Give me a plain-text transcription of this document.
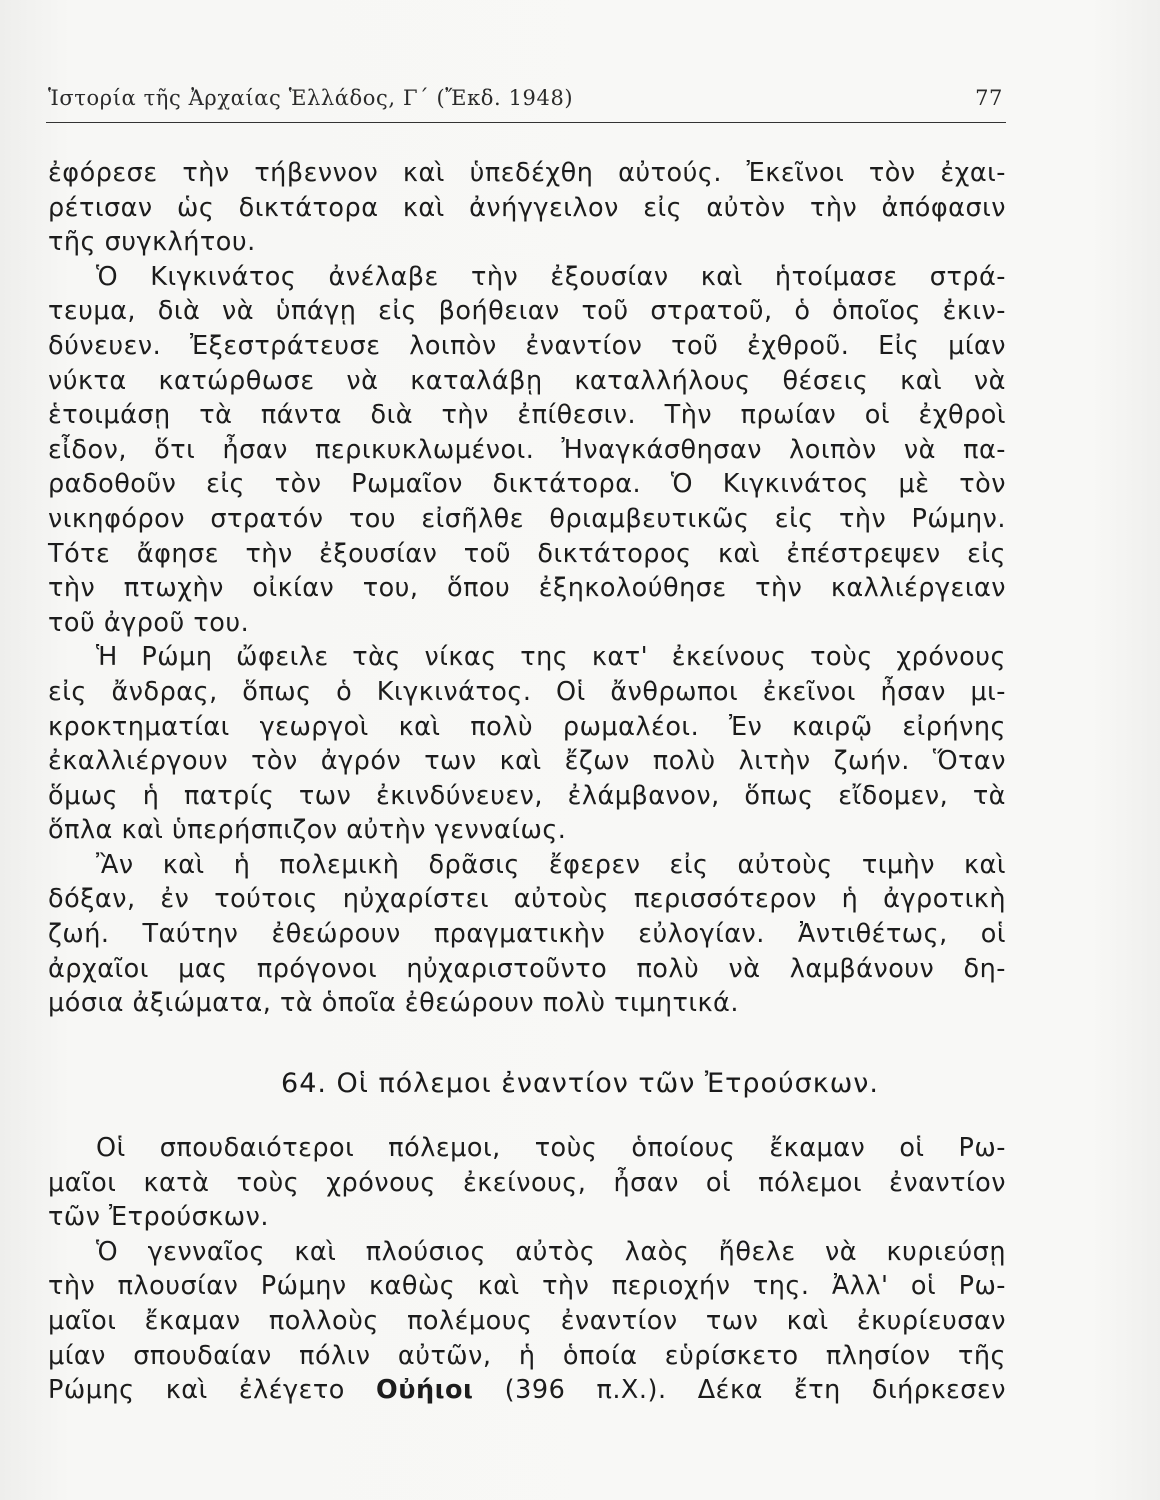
Ἱστορία τῆς Ἀρχαίας Ἑλλάδος, Γ΄ (Ἔκδ. 1948)	77
ἐφόρεσε τὴν τήβεννον καὶ ὑπεδέχθη αὐτούς. Ἐκεῖνοι τὸν ἐχαι-
ρέτισαν ὡς δικτάτορα καὶ ἀνήγγειλον εἰς αὐτὸν τὴν ἀπόφασιν
τῆς συγκλήτου.
Ὁ Κιγκινάτος ἀνέλαβε τὴν ἐξουσίαν καὶ ἡτοίμασε στρά-
τευμα, διὰ νὰ ὑπάγῃ εἰς βοήθειαν τοῦ στρατοῦ, ὁ ὁποῖος ἐκιν-
δύνευεν. Ἐξεστράτευσε λοιπὸν ἐναντίον τοῦ ἐχθροῦ. Εἰς μίαν
νύκτα κατώρθωσε νὰ καταλάβῃ καταλλήλους θέσεις καὶ νὰ
ἑτοιμάσῃ τὰ πάντα διὰ τὴν ἐπίθεσιν. Τὴν πρωίαν οἱ ἐχθροὶ
εἶδον, ὅτι ἦσαν περικυκλωμένοι. Ἠναγκάσθησαν λοιπὸν νὰ πα-
ραδοθοῦν εἰς τὸν Ρωμαῖον δικτάτορα. Ὁ Κιγκινάτος μὲ τὸν
νικηφόρον στρατόν του εἰσῆλθε θριαμβευτικῶς εἰς τὴν Ρώμην.
Τότε ἄφησε τὴν ἐξουσίαν τοῦ δικτάτορος καὶ ἐπέστρεψεν εἰς
τὴν πτωχὴν οἰκίαν του, ὅπου ἐξηκολούθησε τὴν καλλιέργειαν
τοῦ ἀγροῦ του.
Ἡ Ρώμη ὤφειλε τὰς νίκας της κατ' ἐκείνους τοὺς χρόνους
εἰς ἄνδρας, ὅπως ὁ Κιγκινάτος. Οἱ ἄνθρωποι ἐκεῖνοι ἦσαν μι-
κροκτηματίαι γεωργοὶ καὶ πολὺ ρωμαλέοι. Ἐν καιρῷ εἰρήνης
ἐκαλλιέργουν τὸν ἀγρόν των καὶ ἔζων πολὺ λιτὴν ζωήν. Ὅταν
ὅμως ἡ πατρίς των ἐκινδύνευεν, ἐλάμβανον, ὅπως εἴδομεν, τὰ
ὅπλα καὶ ὑπερήσπιζον αὐτὴν γενναίως.
Ἂν καὶ ἡ πολεμικὴ δρᾶσις ἔφερεν εἰς αὐτοὺς τιμὴν καὶ
δόξαν, ἐν τούτοις ηὐχαρίστει αὐτοὺς περισσότερον ἡ ἀγροτικὴ
ζωή. Ταύτην ἐθεώρουν πραγματικὴν εὐλογίαν. Ἀντιθέτως, οἱ
ἀρχαῖοι μας πρόγονοι ηὐχαριστοῦντο πολὺ νὰ λαμβάνουν δη-
μόσια ἀξιώματα, τὰ ὁποῖα ἐθεώρουν πολὺ τιμητικά.
64. Οἱ πόλεμοι ἐναντίον τῶν Ἐτρούσκων.
Οἱ σπουδαιότεροι πόλεμοι, τοὺς ὁποίους ἔκαμαν οἱ Ρω-
μαῖοι κατὰ τοὺς χρόνους ἐκείνους, ἦσαν οἱ πόλεμοι ἐναντίον
τῶν Ἐτρούσκων.
Ὁ γενναῖος καὶ πλούσιος αὐτὸς λαὸς ἤθελε νὰ κυριεύσῃ
τὴν πλουσίαν Ρώμην καθὼς καὶ τὴν περιοχήν της. Ἀλλ' οἱ Ρω-
μαῖοι ἔκαμαν πολλοὺς πολέμους ἐναντίον των καὶ ἐκυρίευσαν
μίαν σπουδαίαν πόλιν αὐτῶν, ἡ ὁποία εὑρίσκετο πλησίον τῆς
Ρώμης καὶ ἐλέγετο Οὐήιοι (396 π.Χ.). Δέκα ἔτη διήρκεσεν
